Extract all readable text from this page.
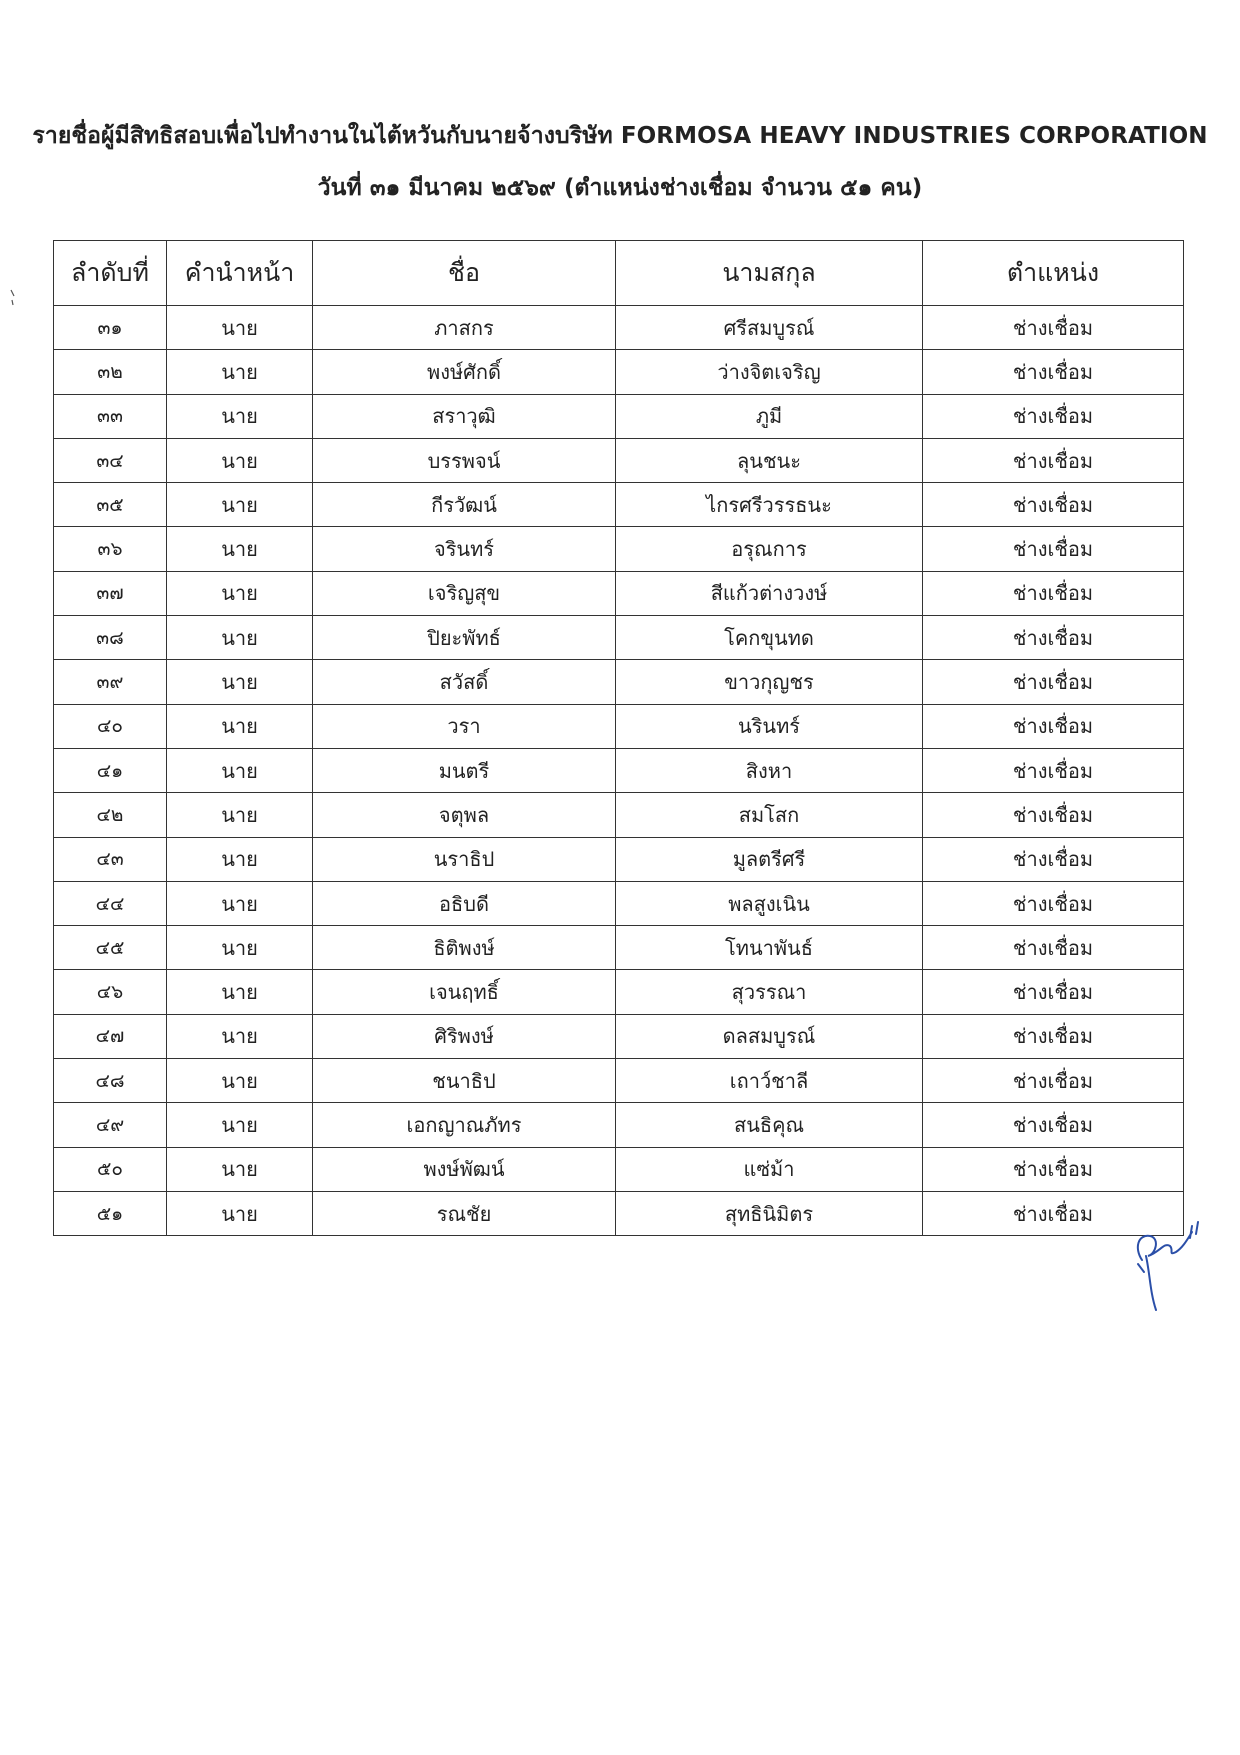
รายชื่อผู้มีสิทธิสอบเพื่อไปทำงานในไต้หวันกับนายจ้างบริษัท FORMOSA HEAVY INDUSTRIES CORPORATION
วันที่ ๓๑ มีนาคม ๒๕๖๙ (ตำแหน่งช่างเชื่อม จำนวน ๕๑ คน)
ลำดับที่	คำนำหน้า	ชื่อ	นามสกุล	ตำแหน่ง
๓๑	นาย	ภาสกร	ศรีสมบูรณ์	ช่างเชื่อม
๓๒	นาย	พงษ์ศักดิ์	ว่างจิตเจริญ	ช่างเชื่อม
๓๓	นาย	สราวุฒิ	ภูมี	ช่างเชื่อม
๓๔	นาย	บรรพจน์	ลุนชนะ	ช่างเชื่อม
๓๕	นาย	กีรวัฒน์	ไกรศรีวรรธนะ	ช่างเชื่อม
๓๖	นาย	จรินทร์	อรุณการ	ช่างเชื่อม
๓๗	นาย	เจริญสุข	สีแก้วต่างวงษ์	ช่างเชื่อม
๓๘	นาย	ปิยะพัทธ์	โคกขุนทด	ช่างเชื่อม
๓๙	นาย	สวัสดิ์	ขาวกุญชร	ช่างเชื่อม
๔๐	นาย	วรา	นรินทร์	ช่างเชื่อม
๔๑	นาย	มนตรี	สิงหา	ช่างเชื่อม
๔๒	นาย	จตุพล	สมโสก	ช่างเชื่อม
๔๓	นาย	นราธิป	มูลตรีศรี	ช่างเชื่อม
๔๔	นาย	อธิบดี	พลสูงเนิน	ช่างเชื่อม
๔๕	นาย	ธิติพงษ์	โทนาพันธ์	ช่างเชื่อม
๔๖	นาย	เจนฤทธิ์	สุวรรณา	ช่างเชื่อม
๔๗	นาย	ศิริพงษ์	ดลสมบูรณ์	ช่างเชื่อม
๔๘	นาย	ชนาธิป	เถาว์ชาลี	ช่างเชื่อม
๔๙	นาย	เอกญาณภัทร	สนธิคุณ	ช่างเชื่อม
๕๐	นาย	พงษ์พัฒน์	แซ่ม้า	ช่างเชื่อม
๕๑	นาย	รณชัย	สุทธินิมิตร	ช่างเชื่อม
